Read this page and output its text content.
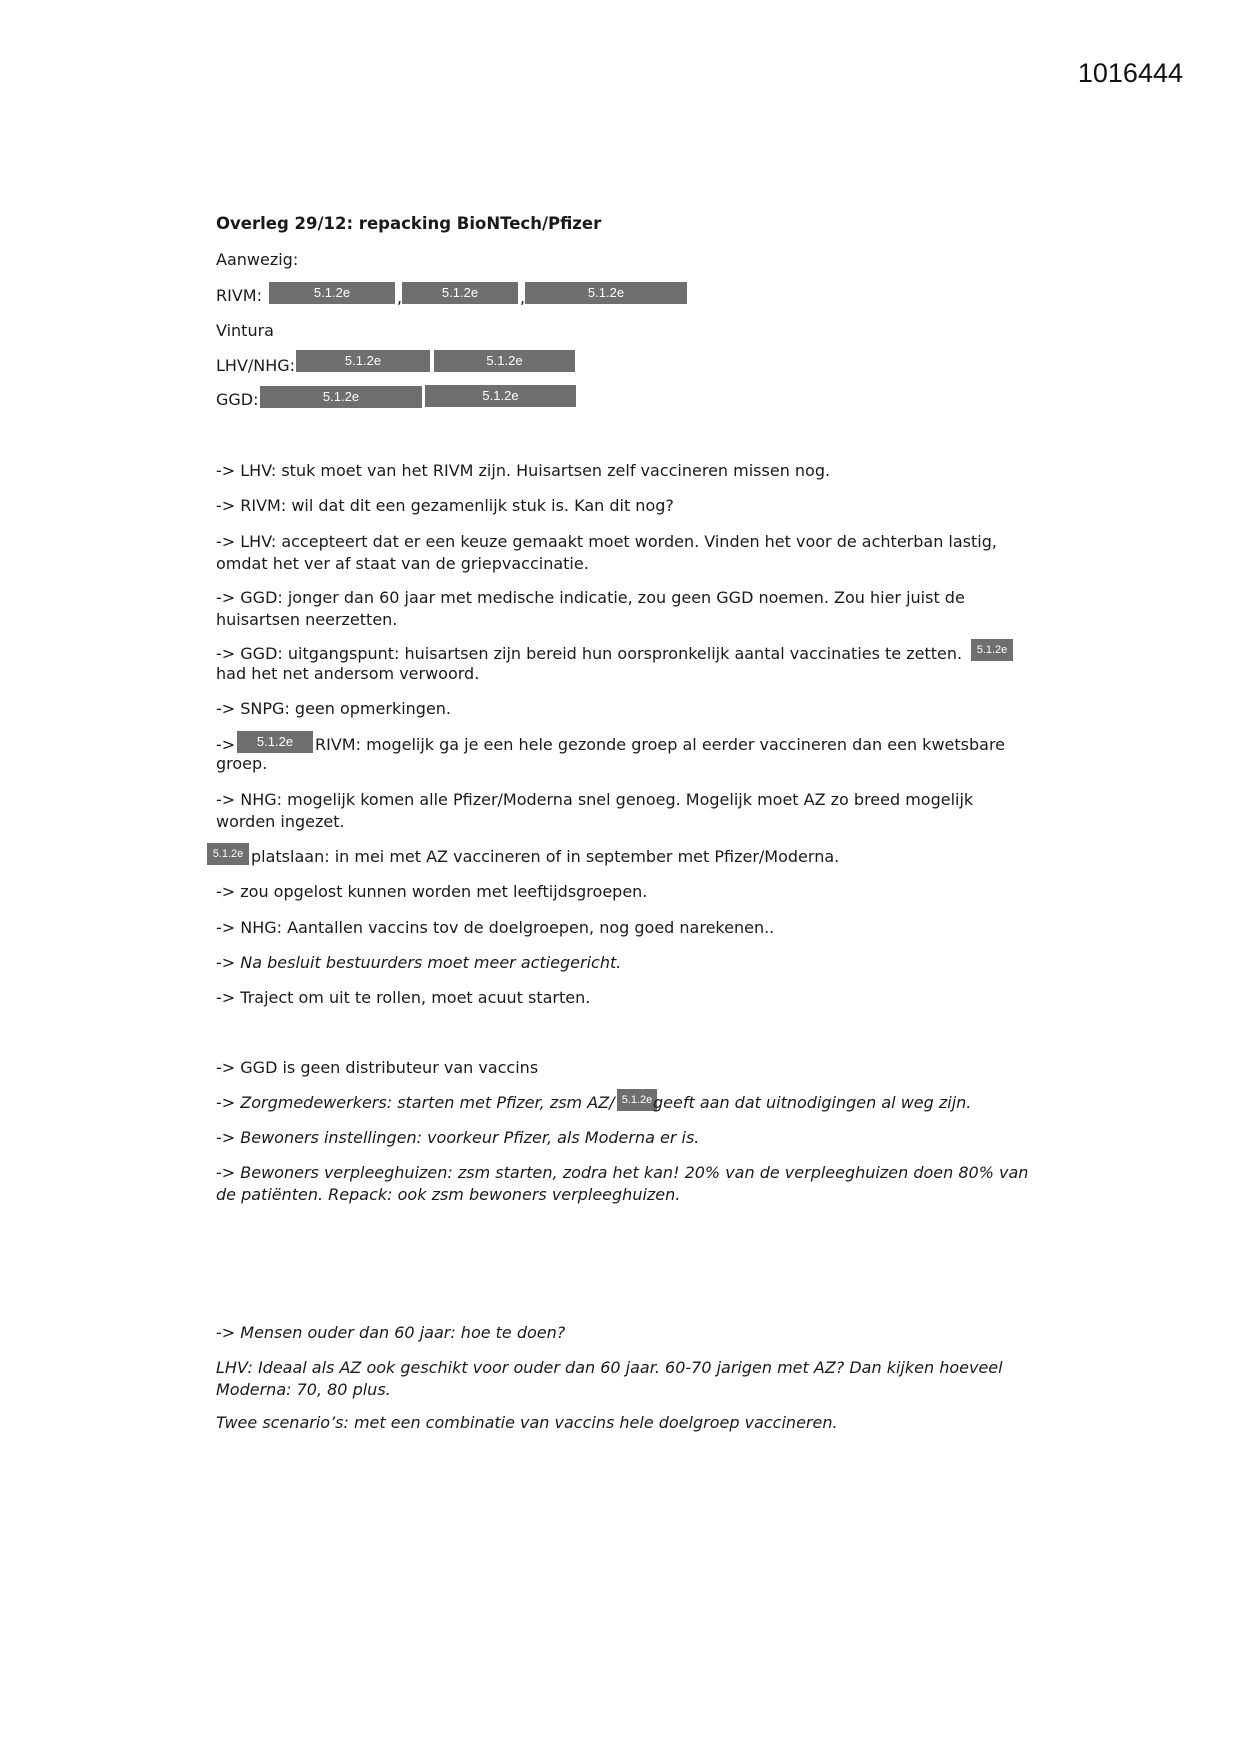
1016444
Overleg 29/12: repacking BioNTech/Pfizer
Aanwezig:
RIVM:	5.1.2e	,	5.1.2e	,	5.1.2e
Vintura
LHV/NHG:	5.1.2e	5.1.2e
GGD:	5.1.2e	5.1.2e
-> LHV: stuk moet van het RIVM zijn. Huisartsen zelf vaccineren missen nog.
-> RIVM: wil dat dit een gezamenlijk stuk is. Kan dit nog?
-> LHV: accepteert dat er een keuze gemaakt moet worden. Vinden het voor de achterban lastig, omdat het ver af staat van de griepvaccinatie.
-> GGD: jonger dan 60 jaar met medische indicatie, zou geen GGD noemen. Zou hier juist de huisartsen neerzetten.
-> GGD: uitgangspunt: huisartsen zijn bereid hun oorspronkelijk aantal vaccinaties te zetten.	5.1.2e
had het net andersom verwoord.
-> SNPG: geen opmerkingen.
->	5.1.2e	RIVM: mogelijk ga je een hele gezonde groep al eerder vaccineren dan een kwetsbare
groep.
-> NHG: mogelijk komen alle Pfizer/Moderna snel genoeg. Mogelijk moet AZ zo breed mogelijk worden ingezet.
5.1.2e platslaan: in mei met AZ vaccineren of in september met Pfizer/Moderna.
-> zou opgelost kunnen worden met leeftijdsgroepen.
-> NHG: Aantallen vaccins tov de doelgroepen, nog goed narekenen..
-> Na besluit bestuurders moet meer actiegericht.
-> Traject om uit te rollen, moet acuut starten.
-> GGD is geen distributeur van vaccins
-> Zorgmedewerkers: starten met Pfizer, zsm AZ/ 5.1.2e geeft aan dat uitnodigingen al weg zijn.
-> Bewoners instellingen: voorkeur Pfizer, als Moderna er is.
-> Bewoners verpleeghuizen: zsm starten, zodra het kan! 20% van de verpleeghuizen doen 80% van de patiënten. Repack: ook zsm bewoners verpleeghuizen.
-> Mensen ouder dan 60 jaar: hoe te doen?
LHV: Ideaal als AZ ook geschikt voor ouder dan 60 jaar. 60-70 jarigen met AZ? Dan kijken hoeveel Moderna: 70, 80 plus.
Twee scenario’s: met een combinatie van vaccins hele doelgroep vaccineren.
